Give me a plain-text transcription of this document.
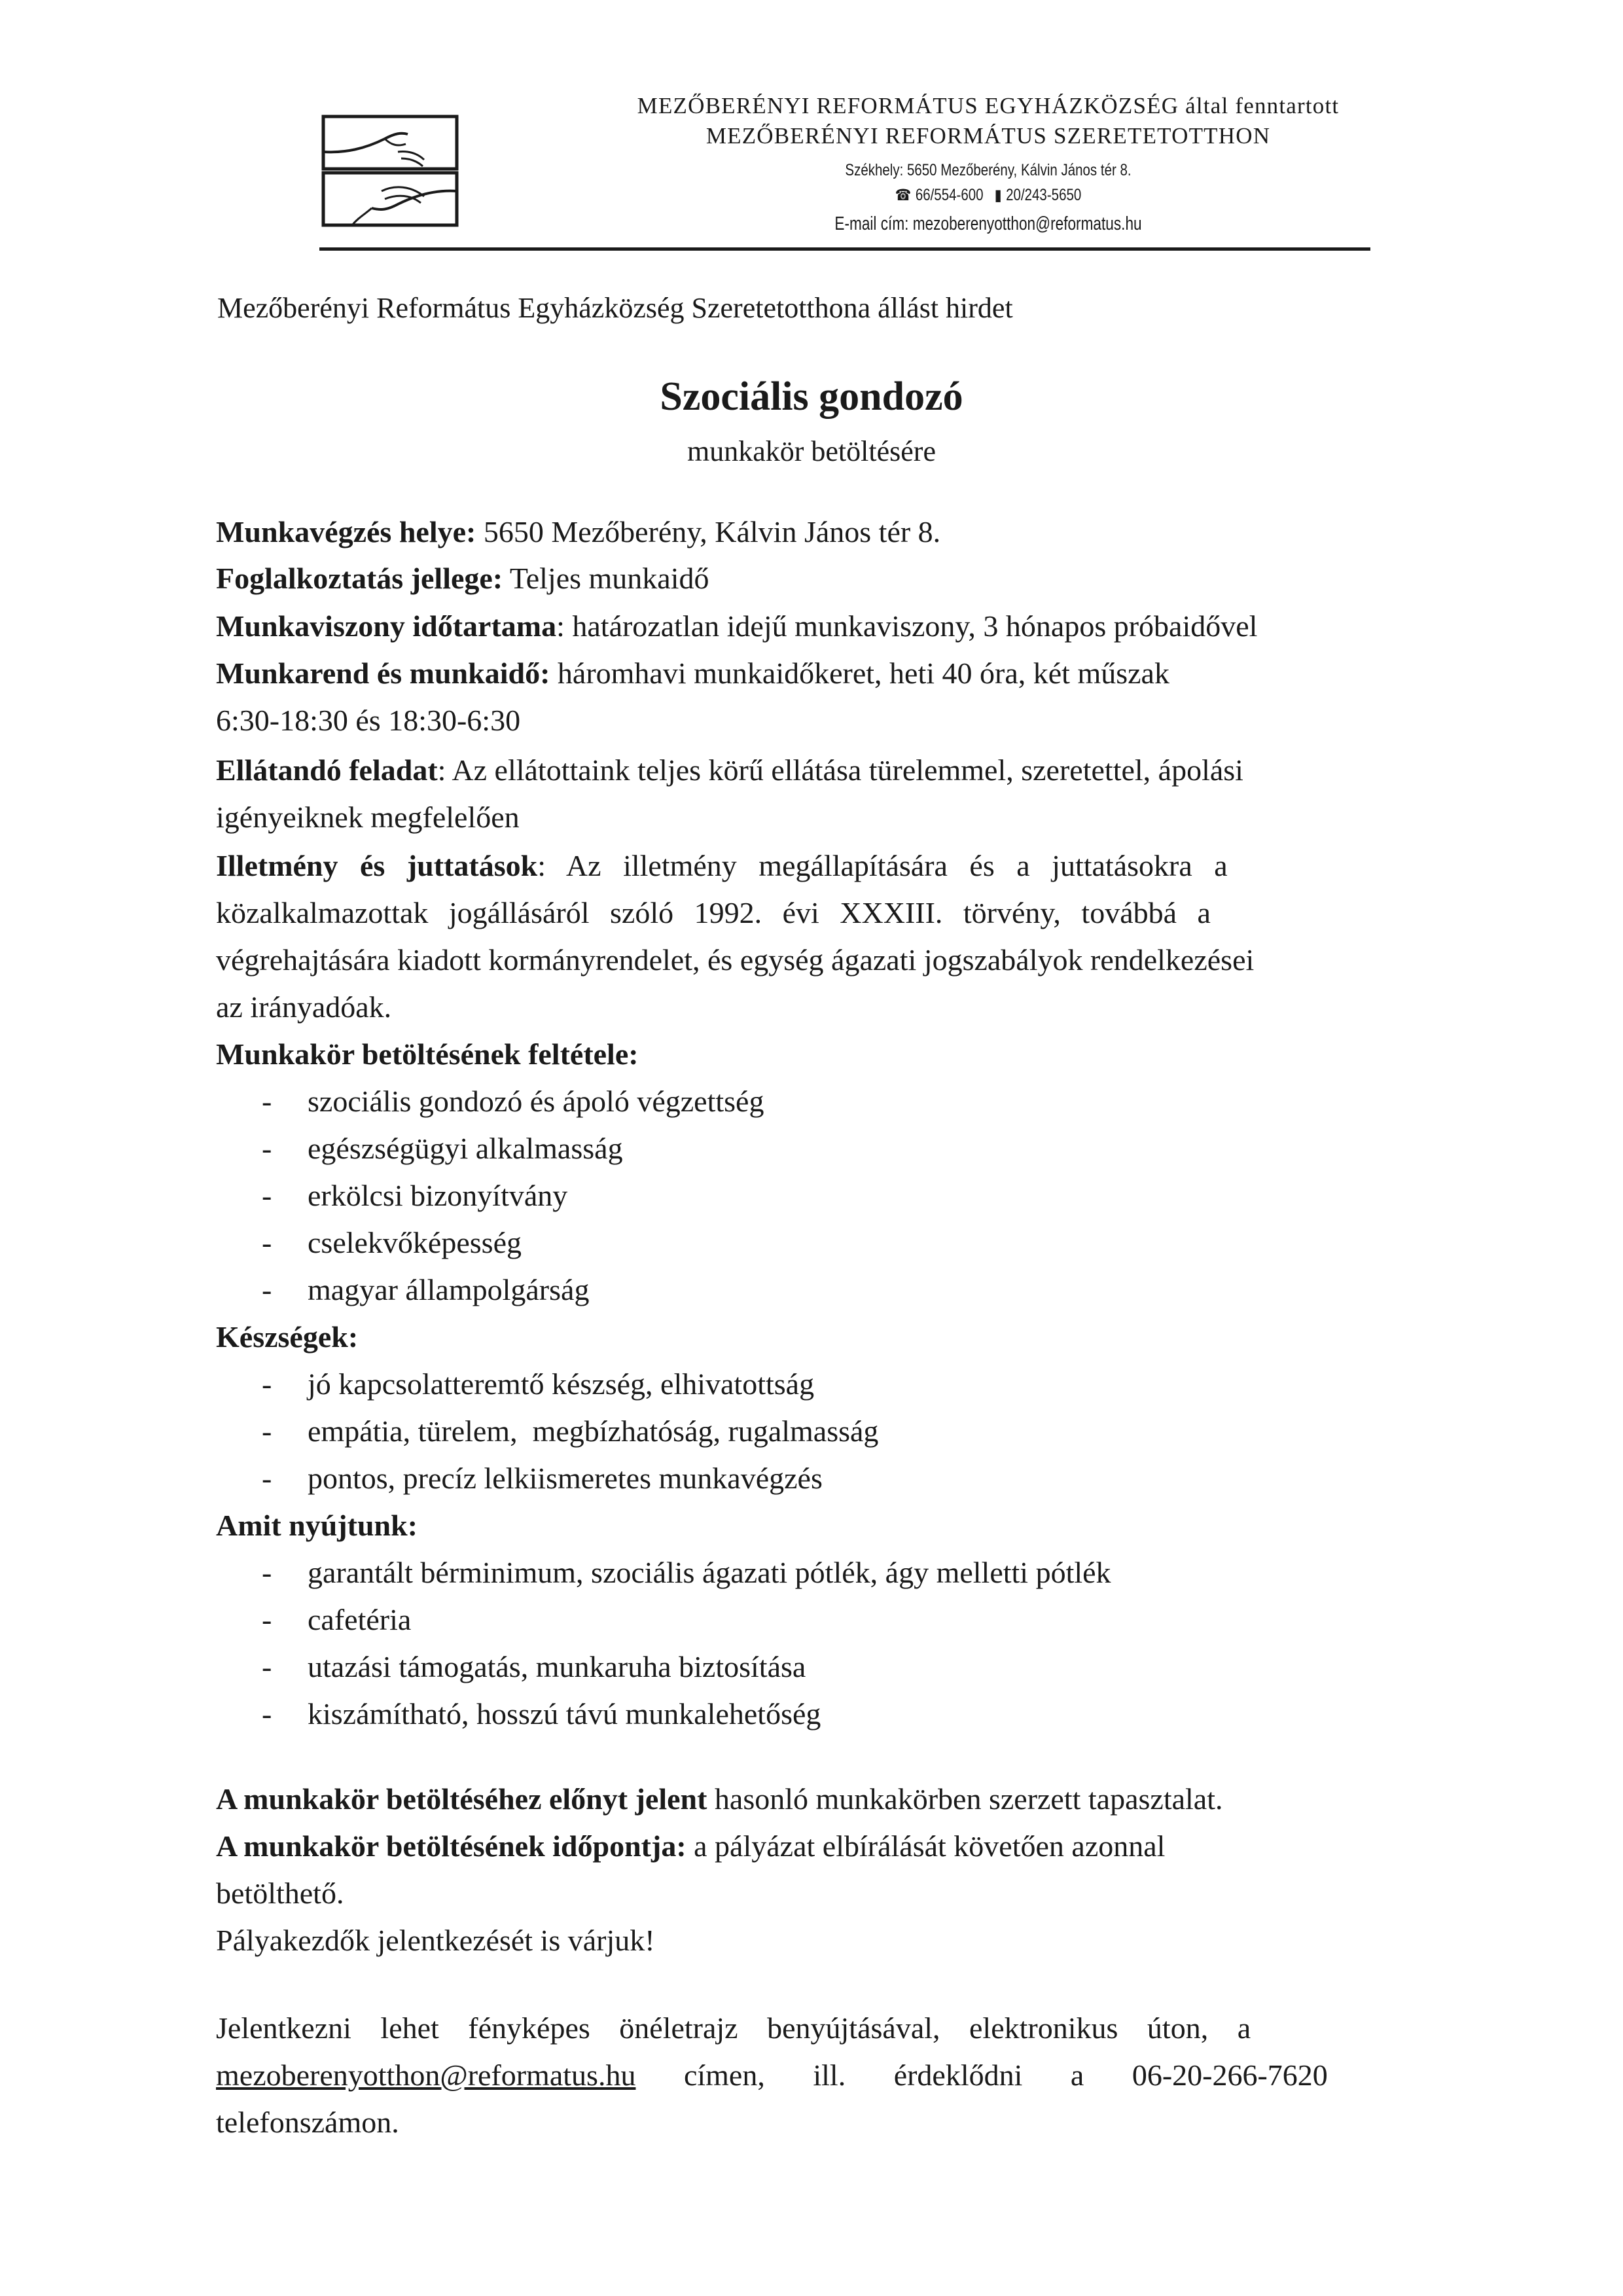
MEZŐBERÉNYI REFORMÁTUS EGYHÁZKÖZSÉG által fenntartott
MEZŐBERÉNYI REFORMÁTUS SZERETETOTTHON
Székhely: 5650 Mezőberény, Kálvin János tér 8.
☎ 66/554-600 ▮ 20/243-5650
E-mail cím: mezoberenyotthon@reformatus.hu
Mezőberényi Református Egyházközség Szeretetotthona állást hirdet
Szociális gondozó
munkakör betöltésére
Munkavégzés helye: 5650 Mezőberény, Kálvin János tér 8.
Foglalkoztatás jellege: Teljes munkaidő
Munkaviszony időtartama: határozatlan idejű munkaviszony, 3 hónapos próbaidővel
Munkarend és munkaidő: háromhavi munkaidőkeret, heti 40 óra, két műszak
6:30-18:30 és 18:30-6:30
Ellátandó feladat: Az ellátottaink teljes körű ellátása türelemmel, szeretettel, ápolási
igényeiknek megfelelően
Illetmény és juttatások: Az illetmény megállapítására és a juttatásokra a
közalkalmazottak jogállásáról szóló 1992. évi XXXIII. törvény, továbbá a
végrehajtására kiadott kormányrendelet, és egység ágazati jogszabályok rendelkezései
az irányadóak.
Munkakör betöltésének feltétele:
- szociális gondozó és ápoló végzettség
- egészségügyi alkalmasság
- erkölcsi bizonyítvány
- cselekvőképesség
- magyar állampolgárság
Készségek:
- jó kapcsolatteremtő készség, elhivatottság
- empátia, türelem,  megbízhatóság, rugalmasság
- pontos, precíz lelkiismeretes munkavégzés
Amit nyújtunk:
- garantált bérminimum, szociális ágazati pótlék, ágy melletti pótlék
- cafetéria
- utazási támogatás, munkaruha biztosítása
- kiszámítható, hosszú távú munkalehetőség
A munkakör betöltéséhez előnyt jelent hasonló munkakörben szerzett tapasztalat.
A munkakör betöltésének időpontja: a pályázat elbírálását követően azonnal
betölthető.
Pályakezdők jelentkezését is várjuk!
Jelentkezni lehet fényképes önéletrajz benyújtásával, elektronikus úton, a
mezoberenyotthon@reformatus.hu címen, ill. érdeklődni a 06-20-266-7620
telefonszámon.
